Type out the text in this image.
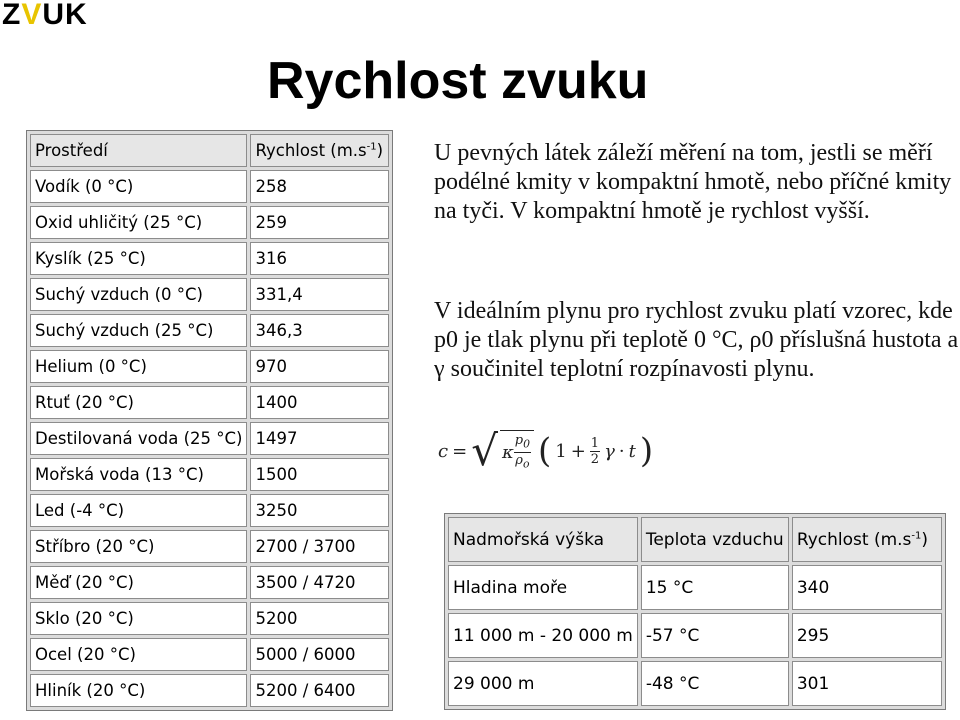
ZVUK
Rychlost zvuku
Prostředí	Rychlost $(m.s^{-1})$
Vodík (0 °C)	258
Oxid uhličitý (25 °C)	259
Kyslík (25 °C)	316
Suchý vzduch (0 °C)	331,4
Suchý vzduch (25 °C)	346,3
Helium (0 °C)	970
Rtuť (20 °C)	1400
Destilovaná voda (25 °C)	1497
Mořská voda (13 °C)	1500
Led (-4 °C)	3250
Stříbro (20 °C)	2700 / 3700
Měď (20 °C)	3500 / 4720
Sklo (20 °C)	5200
Ocel (20 °C)	5000 / 6000
Hliník (20 °C)	5200 / 6400

U pevných látek záleží měření na tom, jestli se měří podélné kmity v kompaktní hmotě, nebo příčné kmity na tyči. V kompaktní hmotě je rychlost vyšší.

V ideálním plynu pro rychlost zvuku platí vzorec, kde p0 je tlak plynu při teplotě 0 °C, ρ0 příslušná hustota a γ součinitel teplotní rozpínavosti plynu.

c = √ κ $\frac{p_0}{\rho_o}$ ( $1 + \frac{1}{2}$ γ · t )
Nadmořská výška	Teplota vzduchu	Rychlost $(m.s^{-1})$
Hladina moře	15 °C	340
11 000 m - 20 000 m	-57 °C	295
29 000 m	-48 °C	301
